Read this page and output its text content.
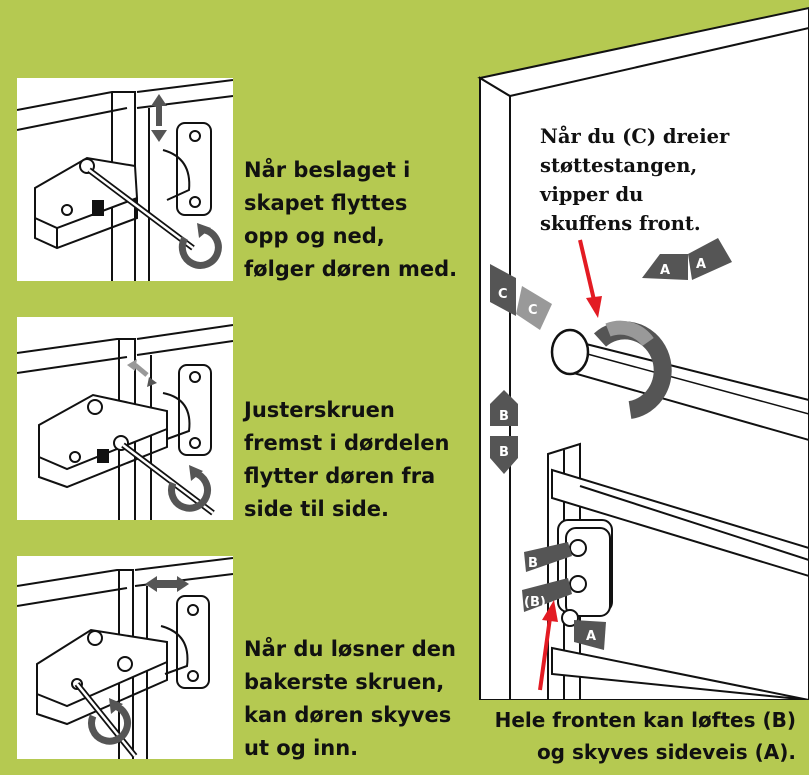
Når beslaget i
skapet flyttes
opp og ned,
følger døren med.
Justerskruen
fremst i dørdelen
flytter døren fra
side til side.
Når du løsner den
bakerste skruen,
kan døren skyves
ut og inn.
C
C
A A
B
B
B
(B)
A
Når du (C) dreier
støttestangen,
vipper du
skuffens front.
Hele fronten kan løftes (B)
og skyves sideveis (A).
